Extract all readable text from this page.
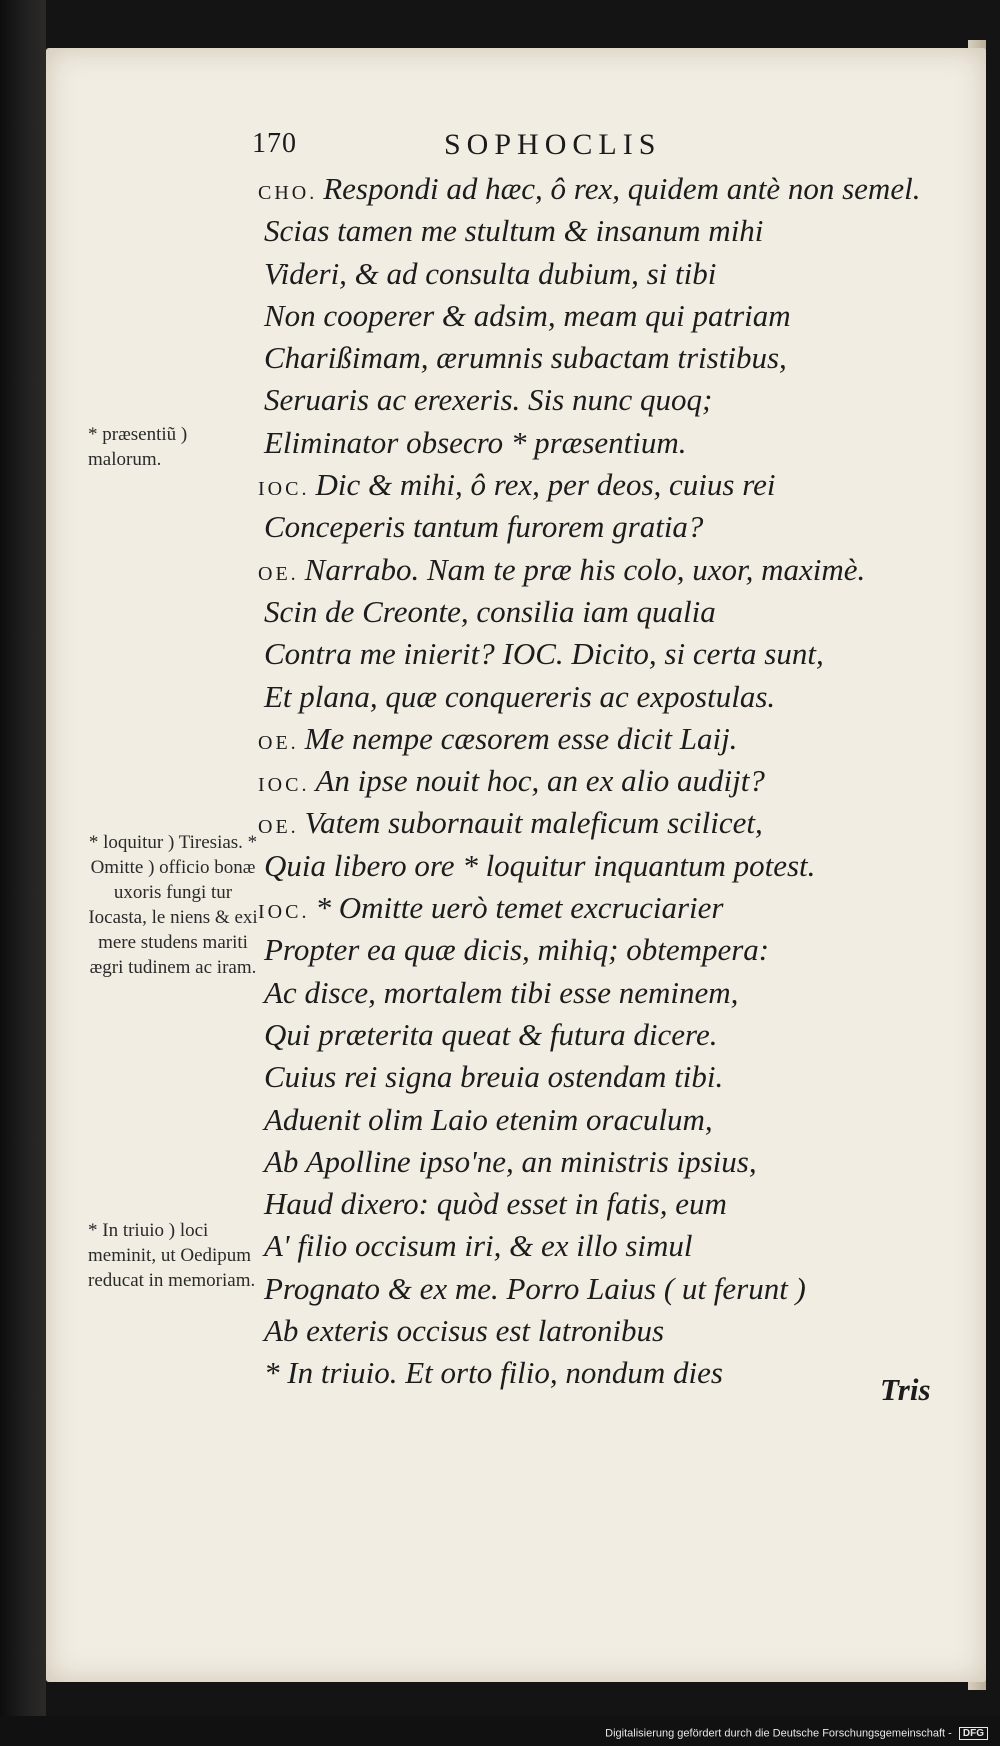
170	SOPHOCLIS
CHO. Respondi ad hæc, ô rex, quidem antè non semel.
Scias tamen me stultum & insanum mihi
Videri, & ad consulta dubium, si tibi
Non cooperer & adsim, meam qui patriam
Charißimam, ærumnis subactam tristibus,
Seruaris ac erexeris. Sis nunc quoq;
Eliminator obsecro * præsentium.
IOC. Dic & mihi, ô rex, per deos, cuius rei
Conceperis tantum furorem gratia?
OE. Narrabo. Nam te præ his colo, uxor, maximè.
Scin de Creonte, consilia iam qualia
Contra me inierit? IOC. Dicito, si certa sunt,
Et plana, quæ conquereris ac expostulas.
OE. Me nempe cæsorem esse dicit Laij.
IOC. An ipse nouit hoc, an ex alio audijt?
OE. Vatem subornauit maleficum scilicet,
Quia libero ore * loquitur inquantum potest.
IOC. * Omitte uerò temet excruciarier
Propter ea quæ dicis, mihiq; obtempera:
Ac disce, mortalem tibi esse neminem,
Qui præterita queat & futura dicere.
Cuius rei signa breuia ostendam tibi.
Aduenit olim Laio etenim oraculum,
Ab Apolline ipso'ne, an ministris ipsius,
Haud dixero: quòd esset in fatis, eum
A' filio occisum iri, & ex illo simul
Prognato & ex me. Porro Laius ( ut ferunt )
Ab exteris occisus est latronibus
* In triuio. Et orto filio, nondum dies
* præsentiũ ) malorum.
* loquitur ) Tiresias. * Omitte ) officio bonæ uxoris fungi tur Iocasta, le niens & exi mere studens mariti ægri tudinem ac iram.
* In triuio ) loci meminit, ut Oedipum reducat in memoriam.
Tris
Digitalisierung gefördert durch die Deutsche Forschungsgemeinschaft - DFG
